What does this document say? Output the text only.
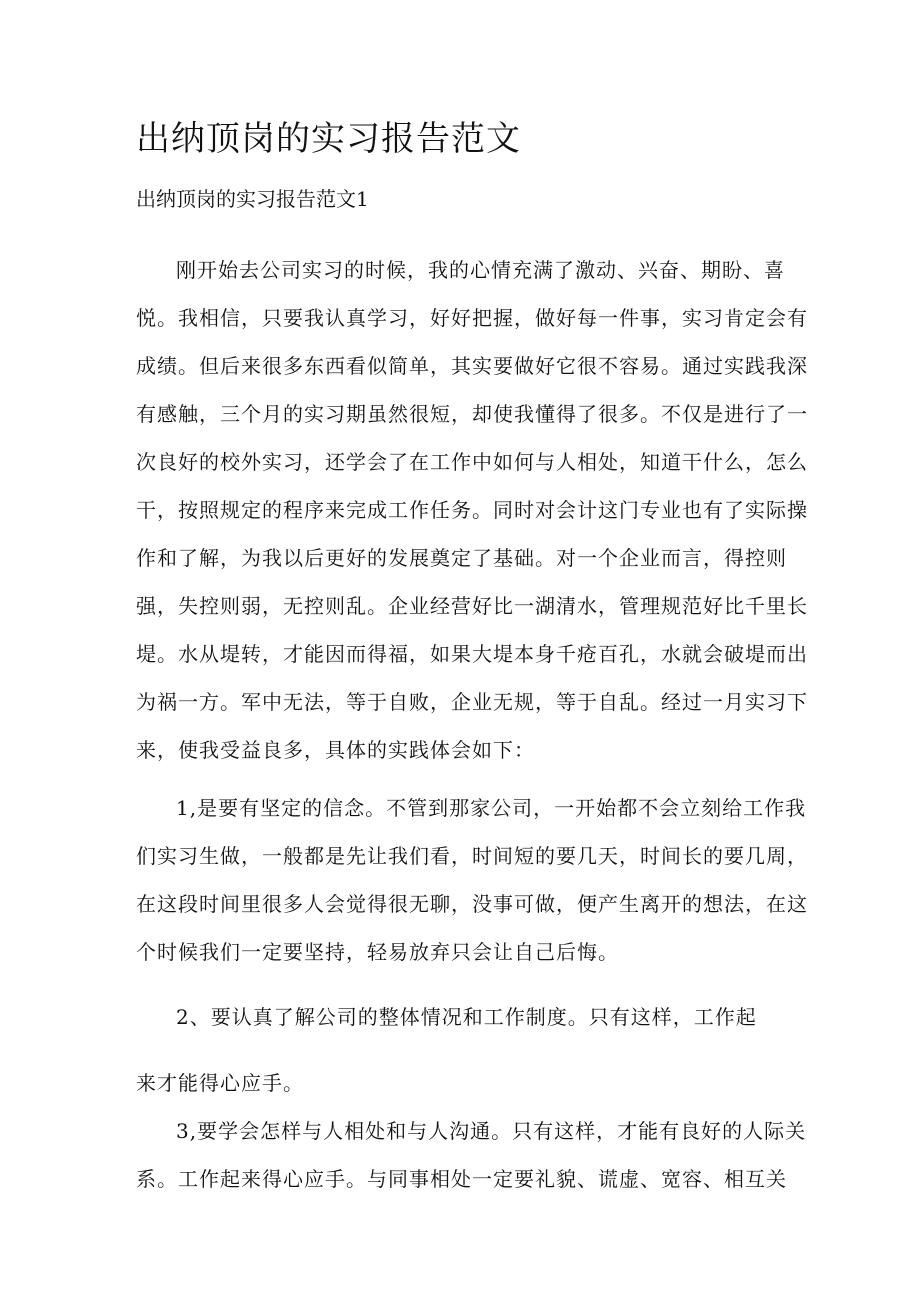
出纳顶岗的实习报告范文
出纳顶岗的实习报告范文1

刚开始去公司实习的时候，我的心情充满了激动、兴奋、期盼、喜
悦。我相信，只要我认真学习，好好把握，做好每一件事，实习肯定会有
成绩。但后来很多东西看似简单，其实要做好它很不容易。通过实践我深
有感触，三个月的实习期虽然很短，却使我懂得了很多。不仅是进行了一
次良好的校外实习，还学会了在工作中如何与人相处，知道干什么，怎么
干，按照规定的程序来完成工作任务。同时对会计这门专业也有了实际操
作和了解，为我以后更好的发展奠定了基础。对一个企业而言，得控则
强，失控则弱，无控则乱。企业经营好比一湖清水，管理规范好比千里长
堤。水从堤转，才能因而得福，如果大堤本身千疮百孔，水就会破堤而出
为祸一方。军中无法，等于自败，企业无规，等于自乱。经过一月实习下
来，使我受益良多，具体的实践体会如下：

1,是要有坚定的信念。不管到那家公司，一开始都不会立刻给工作我
们实习生做，一般都是先让我们看，时间短的要几天，时间长的要几周，
在这段时间里很多人会觉得很无聊，没事可做，便产生离开的想法，在这
个时候我们一定要坚持，轻易放弃只会让自己后悔。

2、要认真了解公司的整体情况和工作制度。只有这样，工作起
来才能得心应手。

3,要学会怎样与人相处和与人沟通。只有这样，才能有良好的人际关
系。工作起来得心应手。与同事相处一定要礼貌、谎虚、宽容、相互关
